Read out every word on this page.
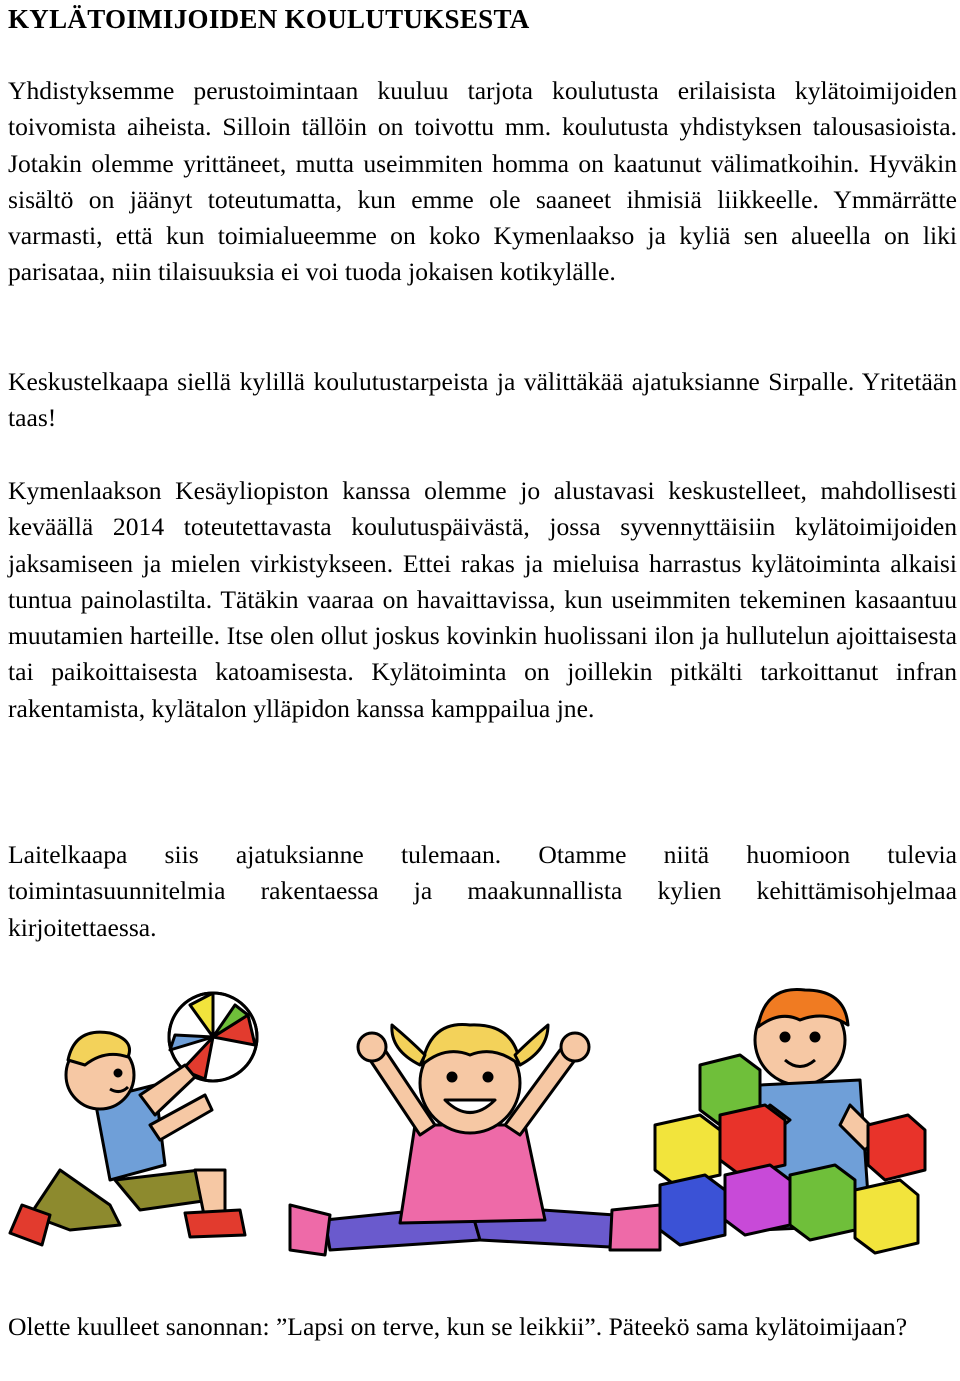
KYLÄTOIMIJOIDEN KOULUTUKSESTA

Yhdistyksemme perustoimintaan kuuluu tarjota koulutusta erilaisista kylätoimijoiden toivomista aiheista. Silloin tällöin on toivottu mm. koulutusta yhdistyksen talousasioista. Jotakin olemme yrittäneet, mutta useimmiten homma on kaatunut välimatkoihin. Hyväkin sisältö on jäänyt toteutumatta, kun emme ole saaneet ihmisiä liikkeelle. Ymmärrätte varmasti, että kun toimialueemme on koko Kymenlaakso ja kyliä sen alueella on liki parisataa, niin tilaisuuksia ei voi tuoda jokaisen kotikylälle.

Keskustelkaapa siellä kylillä koulutustarpeista ja välittäkää ajatuksianne Sirpalle. Yritetään taas!

Kymenlaakson Kesäyliopiston kanssa olemme jo alustavasi keskustelleet, mahdollisesti keväällä 2014 toteutettavasta koulutuspäivästä, jossa syvennyttäisiin kylätoimijoiden jaksamiseen ja mielen virkistykseen. Ettei rakas ja mieluisa harrastus kylätoiminta alkaisi tuntua painolastilta. Tätäkin vaaraa on havaittavissa, kun useimmiten tekeminen kasaantuu muutamien harteille. Itse olen ollut joskus kovinkin huolissani ilon ja hullutelun ajoittaisesta tai paikoittaisesta katoamisesta. Kylätoiminta on joillekin pitkälti tarkoittanut infran rakentamista, kylätalon ylläpidon kanssa kamppailua jne.

Laitelkaapa siis ajatuksianne tulemaan. Otamme niitä huomioon tulevia toimintasuunnitelmia rakentaessa ja maakunnallista kylien kehittämisohjelmaa kirjoitettaessa.

Olette kuulleet sanonnan: ”Lapsi on terve, kun se leikkii”. Päteekö sama kylätoimijaan?
